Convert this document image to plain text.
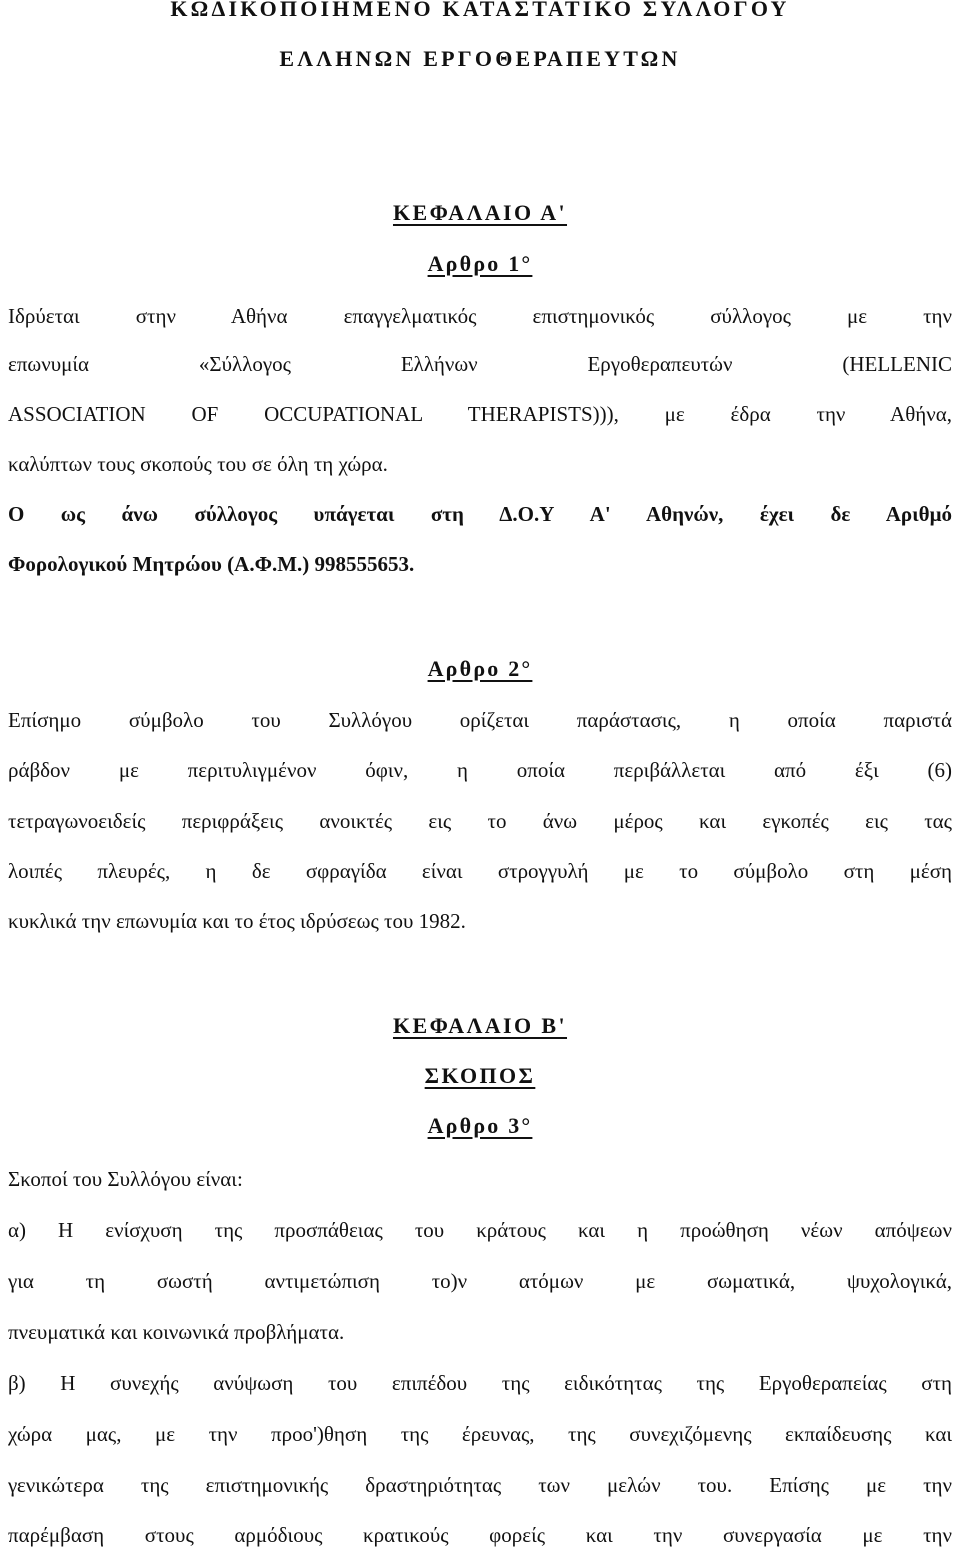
ΚΩΔΙΚΟΠΟΙΗΜΕΝΟ ΚΑΤΑΣΤΑΤΙΚΟ ΣΥΛΛΟΓΟΥ
ΕΛΛΗΝΩΝ ΕΡΓΟΘΕΡΑΠΕΥΤΩΝ
ΚΕΦΑΛΑΙΟ Α'
Αρθρο 1°
Ιδρύεται στην Αθήνα επαγγελματικός επιστημονικός σύλλογος με την
επωνυμία «Σύλλογος Ελλήνων Εργοθεραπευτών (HELLENIC
ASSOCIATION OF OCCUPATIONAL THERAPISTS))), με έδρα την Αθήνα,
καλύπτων τους σκοπούς του σε όλη τη χώρα.
Ο ως άνω σύλλογος υπάγεται στη Δ.Ο.Υ Α' Αθηνών, έχει δε Αριθμό
Φορολογικού Μητρώου (Α.Φ.Μ.) 998555653.
Αρθρο 2°
Επίσημο σύμβολο του Συλλόγου ορίζεται παράστασις, η οποία παριστά
ράβδον με περιτυλιγμένον όφιν, η οποία περιβάλλεται από έξι (6)
τετραγωνοειδείς περιφράξεις ανοικτές εις το άνω μέρος και εγκοπές εις τας
λοιπές πλευρές, η δε σφραγίδα είναι στρογγυλή με το σύμβολο στη μέση
κυκλικά την επωνυμία και το έτος ιδρύσεως του 1982.
ΚΕΦΑΛΑΙΟ Β'
ΣΚΟΠΟΣ
Αρθρο 3°
Σκοποί του Συλλόγου είναι:
α) Η ενίσχυση της προσπάθειας του κράτους και η προώθηση νέων απόψεων
για τη σωστή αντιμετώπιση το)ν ατόμων με σωματικά, ψυχολογικά,
πνευματικά και κοινωνικά προβλήματα.
β) Η συνεχής ανύψωση του επιπέδου της ειδικότητας της Εργοθεραπείας στη
χώρα μας, με την προο')θηση της έρευνας, της συνεχιζόμενης εκπαίδευσης και
γενικώτερα της επιστημονικής δραστηριότητας των μελών του. Επίσης με την
παρέμβαση στους αρμόδιους κρατικούς φορείς και την συνεργασία με την
